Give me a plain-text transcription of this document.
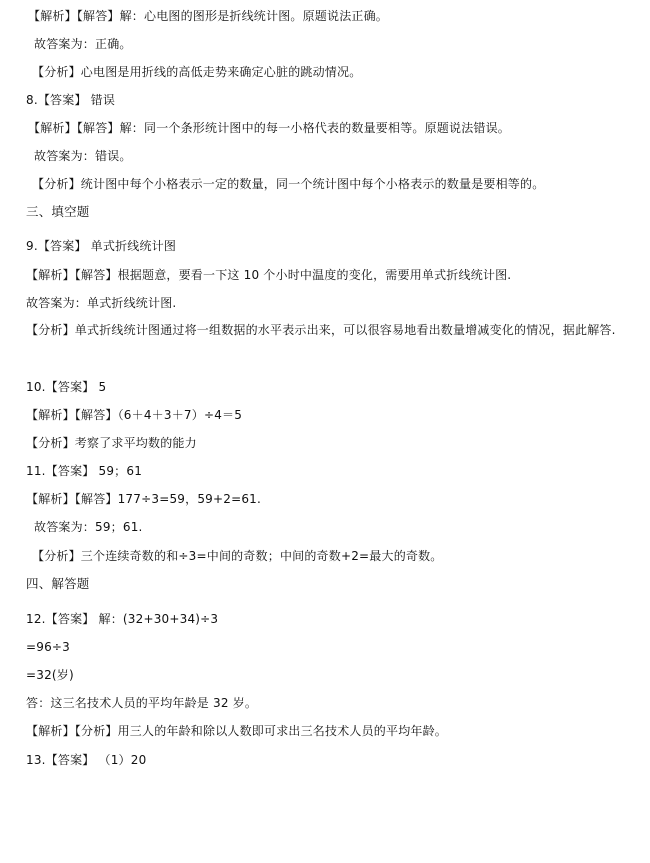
【解析】【解答】解：心电图的图形是折线统计图。原题说法正确。
故答案为：正确。
【分析】心电图是用折线的高低走势来确定心脏的跳动情况。
8.【答案】 错误
【解析】【解答】解：同一个条形统计图中的每一小格代表的数量要相等。原题说法错误。
故答案为：错误。
【分析】统计图中每个小格表示一定的数量，同一个统计图中每个小格表示的数量是要相等的。
三、填空题
9.【答案】 单式折线统计图
【解析】【解答】根据题意，要看一下这 10 个小时中温度的变化，需要用单式折线统计图.
故答案为：单式折线统计图.
【分析】单式折线统计图通过将一组数据的水平表示出来，可以很容易地看出数量增减变化的情况，据此解答.
10.【答案】 5
【解析】【解答】（6＋4＋3＋7）÷4＝5
【分析】考察了求平均数的能力
11.【答案】 59；61
【解析】【解答】177÷3=59，59+2=61.
故答案为：59；61.
【分析】三个连续奇数的和÷3=中间的奇数；中间的奇数+2=最大的奇数。
四、解答题
12.【答案】 解：(32+30+34)÷3
=96÷3
=32(岁)
答：这三名技术人员的平均年龄是 32 岁。
【解析】【分析】用三人的年龄和除以人数即可求出三名技术人员的平均年龄。
13.【答案】 （1）20
